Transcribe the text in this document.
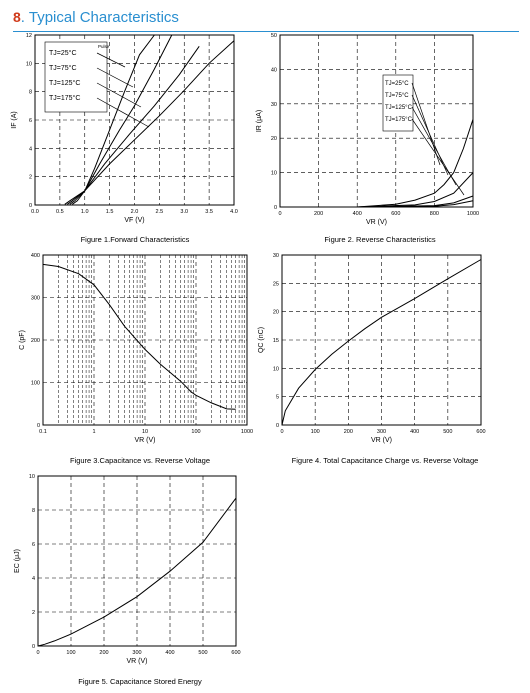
8. Typical Characteristics
0.0	0.5	1.0	1.5	2.0	2.5	3.0	3.5	4.0
0
2
4
6
8
10
12
VF (V)
IF (A)
TJ=25°C
TJ=75°C
TJ=125°C
TJ=175°C
Pulse
0	200	400	600	800	1000
0
10
20
30
40
50
VR (V)
IR (μA)
TJ=25°C
TJ=75°C
TJ=125°C
TJ=175°C
0.1	1	10	100	1000
0
100
200
300
400
VR (V)
C (pF)
0	100	200	300	400	500	600
0
5
10
15
20
25
30
VR (V)
QC (nC)
0	100	200	300	400	500	600
0
2
4
6
8
10
VR (V)
EC (μJ)
Figure 1.Forward Characteristics	Figure 2. Reverse Characteristics
Figure 3.Capacitance vs. Reverse Voltage	Figure 4. Total Capacitance Charge vs. Reverse Voltage
Figure 5. Capacitance Stored Energy
